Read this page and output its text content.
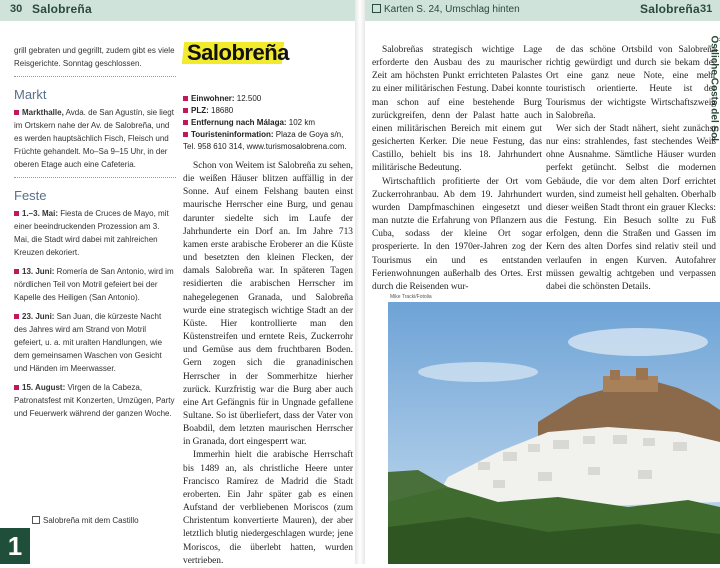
30 Salobreña	Karten S. 24, Umschlag hinten	Salobreña 31
Östliche Costa del Sol

grill gebraten und gegrillt, zudem gibt es viele Reisgerichte. Sonntag geschlossen.

Markt

Markthalle, Avda. de San Agustín, sie liegt im Ortskern nahe der Av. de Salobreña, und es werden hauptsächlich Fisch, Fleisch und Früchte gehandelt. Mo–Sa 9–15 Uhr, in der oberen Etage auch eine Cafeteria.

Feste

1.–3. Mai: Fiesta de Cruces de Mayo, mit einer beeindruckenden Prozession am 3. Mai, die Stadt wird dabei mit zahlreichen Kreuzen dekoriert.

13. Juni: Romería de San Antonio, wird im nördlichen Teil von Motril gefeiert bei der Kapelle des Heiligen (San Antonio).

23. Juni: San Juan, die kürzeste Nacht des Jahres wird am Strand von Motril gefeiert, u. a. mit uralten Handlungen, wie dem gemeinsamen Waschen von Gesicht und Händen im Meerwasser.

15. August: Virgen de la Cabeza, Patronatsfest mit Konzerten, Umzügen, Party und Feuerwerk während der ganzen Woche.

Salobreña
Einwohner: 12.500
PLZ: 18680
Entfernung nach Málaga: 102 km
Touristeninformation: Plaza de Goya s/n, Tel. 958 610 314, www.turismosalobrena.com.

Schon von Weitem ist Salobreña zu sehen, die weißen Häuser blitzen auffällig in der Sonne. Auf einem Felshang bauten einst maurische Herrscher eine Burg, und genau darunter siedelte sich im Laufe der Jahrhunderte ein Dorf an. Im Jahre 713 kamen erste arabische Eroberer an die Küste und besetzten den kleinen Flecken, der damals Salobreña war. In späteren Tagen residierten die arabischen Herrscher im nahegelegenen Granada, und Salobreña wurde eine strategisch wichtige Stadt an der Küste. Hier kontrollierte man den Küstenstreifen und erntete Reis, Zuckerrohr und Gemüse aus dem fruchtbaren Boden. Gern zogen sich die granadinischen Herrscher in der Sommerhitze hierher zurück. Kurzfristig war die Burg aber auch eine Art Gefängnis für in Ungnade gefallene Sultane. So ist überliefert, dass der Vater von Boabdil, dem letzten maurischen Herrscher in Granada, dort eingesperrt war.

Immerhin hielt die arabische Herrschaft bis 1489 an, als christliche Heere unter Francisco Ramírez de Madrid die Stadt eroberten. Ein Jahr später gab es einen Aufstand der verbliebenen Moriscos (zum Christentum konvertierte Mauren), der aber letztlich blutig niedergeschlagen wurde; jene Moriscos, die überlebt hatten, wurden vertrieben.

Salobreñas strategisch wichtige Lage erforderte den Ausbau des zu maurischer Zeit am höchsten Punkt errichteten Palastes zu einer militärischen Festung. Dabei konnte man schon auf eine bestehende Burg zurückgreifen, denn der Palast hatte auch einen militärischen Bereich mit einem gut gesicherten Kerker. Die neue Festung, das Castillo, behielt bis ins 18. Jahrhundert militärische Bedeutung.

Wirtschaftlich profitierte der Ort vom Zuckerrohranbau. Ab dem 19. Jahrhundert wurden Dampfmaschinen eingesetzt und man nutzte die Erfahrung von Pflanzern aus Cuba, sodass der kleine Ort sogar prosperierte. In den 1970er-Jahren zog der Tourismus ein und es entstanden Ferienwohnungen außerhalb des Ortes. Erst durch die Reisenden wur-

de das schöne Ortsbild von Salobreña richtig gewürdigt und durch sie bekam der Ort eine ganz neue Note, eine mehr touristisch orientierte. Heute ist der Tourismus der wichtigste Wirtschaftszweig in Salobreña.

Wer sich der Stadt nähert, sieht zunächst nur eins: strahlendes, fast stechendes Weiß ohne Ausnahme. Sämtliche Häuser wurden perfekt getüncht. Selbst die modernen Gebäude, die vor dem alten Dorf errichtet wurden, sind zumeist hell gehalten. Oberhalb dieser weißen Stadt thront ein grauer Klecks: die Festung. Ein Besuch sollte zu Fuß erfolgen, denn die Straßen und Gassen im Kern des alten Dorfes sind relativ steil und verlaufen in engen Kurven. Autofahrer müssen gewaltig achtgeben und verpassen dabei die schönsten Details.

Mike Tracki/Fotolia
Salobreña mit dem Castillo
1
